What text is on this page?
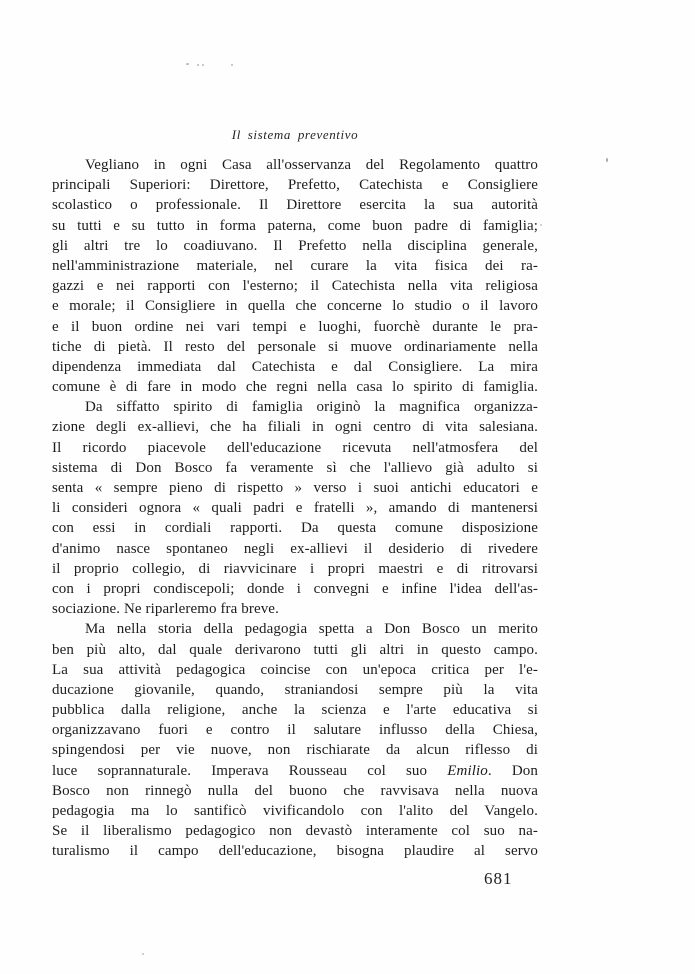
Il sistema preventivo
Vegliano in ogni Casa all'osservanza del Regolamento quattro
principali Superiori: Direttore, Prefetto, Catechista e Consigliere
scolastico o professionale. Il Direttore esercita la sua autorità
su tutti e su tutto in forma paterna, come buon padre di famiglia;
gli altri tre lo coadiuvano. Il Prefetto nella disciplina generale,
nell'amministrazione materiale, nel curare la vita fisica dei ra-
gazzi e nei rapporti con l'esterno; il Catechista nella vita religiosa
e morale; il Consigliere in quella che concerne lo studio o il lavoro
e il buon ordine nei vari tempi e luoghi, fuorchè durante le pra-
tiche di pietà. Il resto del personale si muove ordinariamente nella
dipendenza immediata dal Catechista e dal Consigliere. La mira
comune è di fare in modo che regni nella casa lo spirito di famiglia.
Da siffatto spirito di famiglia originò la magnifica organizza-
zione degli ex-allievi, che ha filiali in ogni centro di vita salesiana.
Il ricordo piacevole dell'educazione ricevuta nell'atmosfera del
sistema di Don Bosco fa veramente sì che l'allievo già adulto si
senta « sempre pieno di rispetto » verso i suoi antichi educatori e
li consideri ognora « quali padri e fratelli », amando di mantenersi
con essi in cordiali rapporti. Da questa comune disposizione
d'animo nasce spontaneo negli ex-allievi il desiderio di rivedere
il proprio collegio, di riavvicinare i propri maestri e di ritrovarsi
con i propri condiscepoli; donde i convegni e infine l'idea dell'as-
sociazione. Ne riparleremo fra breve.
Ma nella storia della pedagogia spetta a Don Bosco un merito
ben più alto, dal quale derivarono tutti gli altri in questo campo.
La sua attività pedagogica coincise con un'epoca critica per l'e-
ducazione giovanile, quando, straniandosi sempre più la vita
pubblica dalla religione, anche la scienza e l'arte educativa si
organizzavano fuori e contro il salutare influsso della Chiesa,
spingendosi per vie nuove, non rischiarate da alcun riflesso di
luce soprannaturale. Imperava Rousseau col suo Emilio. Don
Bosco non rinnegò nulla del buono che ravvisava nella nuova
pedagogia ma lo santificò vivificandolo con l'alito del Vangelo.
Se il liberalismo pedagogico non devastò interamente col suo na-
turalismo il campo dell'educazione, bisogna plaudire al servo
681
